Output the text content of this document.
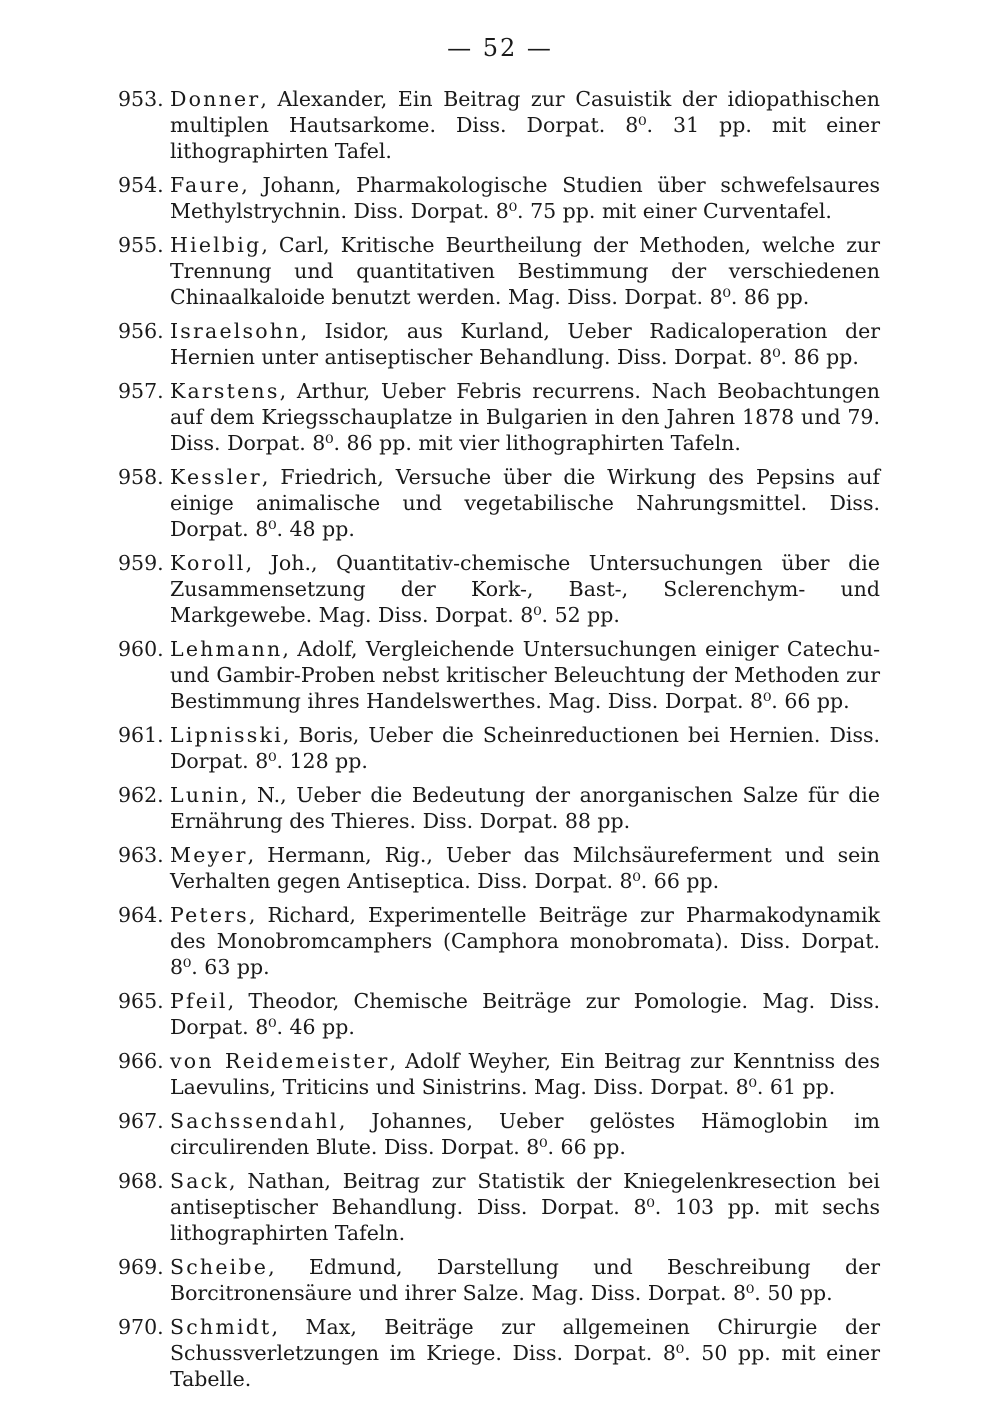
— 52 —
953. Donner, Alexander, Ein Beitrag zur Casuistik der idiopathischen multiplen Hautsarkome. Diss. Dorpat. 8⁰. 31 pp. mit einer lithographirten Tafel.
954. Faure, Johann, Pharmakologische Studien über schwefelsaures Methylstrychnin. Diss. Dorpat. 8⁰. 75 pp. mit einer Curventafel.
955. Hielbig, Carl, Kritische Beurtheilung der Methoden, welche zur Trennung und quantitativen Bestimmung der verschiedenen Chinaalkaloide benutzt werden. Mag. Diss. Dorpat. 8⁰. 86 pp.
956. Israelsohn, Isidor, aus Kurland, Ueber Radicaloperation der Hernien unter antiseptischer Behandlung. Diss. Dorpat. 8⁰. 86 pp.
957. Karstens, Arthur, Ueber Febris recurrens. Nach Beobachtungen auf dem Kriegsschauplatze in Bulgarien in den Jahren 1878 und 79. Diss. Dorpat. 8⁰. 86 pp. mit vier lithographirten Tafeln.
958. Kessler, Friedrich, Versuche über die Wirkung des Pepsins auf einige animalische und vegetabilische Nahrungsmittel. Diss. Dorpat. 8⁰. 48 pp.
959. Koroll, Joh., Quantitativ-chemische Untersuchungen über die Zusammensetzung der Kork-, Bast-, Sclerenchym- und Markgewebe. Mag. Diss. Dorpat. 8⁰. 52 pp.
960. Lehmann, Adolf, Vergleichende Untersuchungen einiger Catechu- und Gambir-Proben nebst kritischer Beleuchtung der Methoden zur Bestimmung ihres Handelswerthes. Mag. Diss. Dorpat. 8⁰. 66 pp.
961. Lipnisski, Boris, Ueber die Scheinreductionen bei Hernien. Diss. Dorpat. 8⁰. 128 pp.
962. Lunin, N., Ueber die Bedeutung der anorganischen Salze für die Ernährung des Thieres. Diss. Dorpat. 88 pp.
963. Meyer, Hermann, Rig., Ueber das Milchsäureferment und sein Verhalten gegen Antiseptica. Diss. Dorpat. 8⁰. 66 pp.
964. Peters, Richard, Experimentelle Beiträge zur Pharmakodynamik des Monobromcamphers (Camphora monobromata). Diss. Dorpat. 8⁰. 63 pp.
965. Pfeil, Theodor, Chemische Beiträge zur Pomologie. Mag. Diss. Dorpat. 8⁰. 46 pp.
966. von Reidemeister, Adolf Weyher, Ein Beitrag zur Kenntniss des Laevulins, Triticins und Sinistrins. Mag. Diss. Dorpat. 8⁰. 61 pp.
967. Sachssendahl, Johannes, Ueber gelöstes Hämoglobin im circulirenden Blute. Diss. Dorpat. 8⁰. 66 pp.
968. Sack, Nathan, Beitrag zur Statistik der Kniegelenkresection bei antiseptischer Behandlung. Diss. Dorpat. 8⁰. 103 pp. mit sechs lithographirten Tafeln.
969. Scheibe, Edmund, Darstellung und Beschreibung der Borcitronensäure und ihrer Salze. Mag. Diss. Dorpat. 8⁰. 50 pp.
970. Schmidt, Max, Beiträge zur allgemeinen Chirurgie der Schussverletzungen im Kriege. Diss. Dorpat. 8⁰. 50 pp. mit einer Tabelle.
